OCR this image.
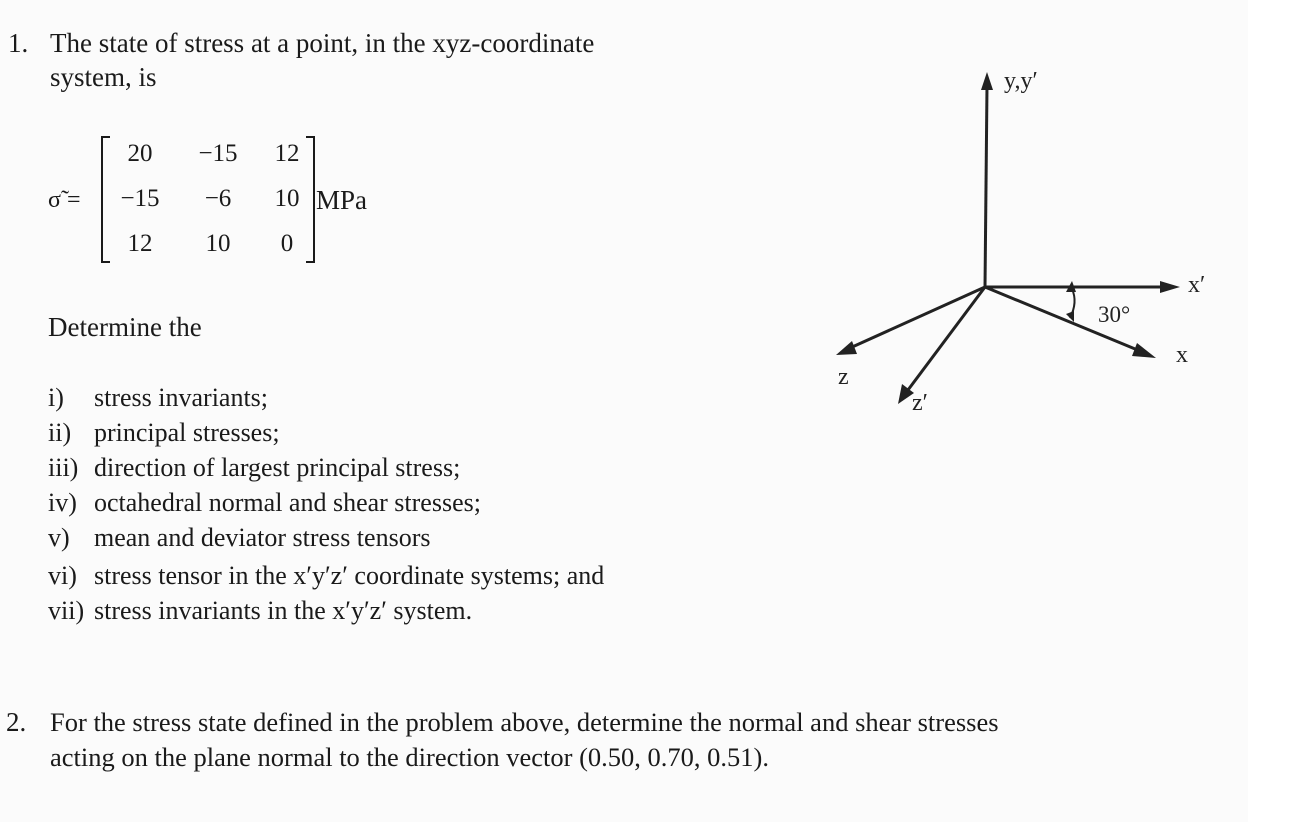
1. The state of stress at a point, in the xyz-coordinate
system, is
σ̃ =
20	−15	12
−15	−6	10
12	10	0
MPa
Determine the
i) stress invariants;
ii) principal stresses;
iii) direction of largest principal stress;
iv) octahedral normal and shear stresses;
v) mean and deviator stress tensors
vi) stress tensor in the x′y′z′ coordinate systems; and
vii) stress invariants in the x′y′z′ system.
y,y′
x′
x
z
z′
30°
2. For the stress state defined in the problem above, determine the normal and shear stresses
acting on the plane normal to the direction vector (0.50, 0.70, 0.51).
